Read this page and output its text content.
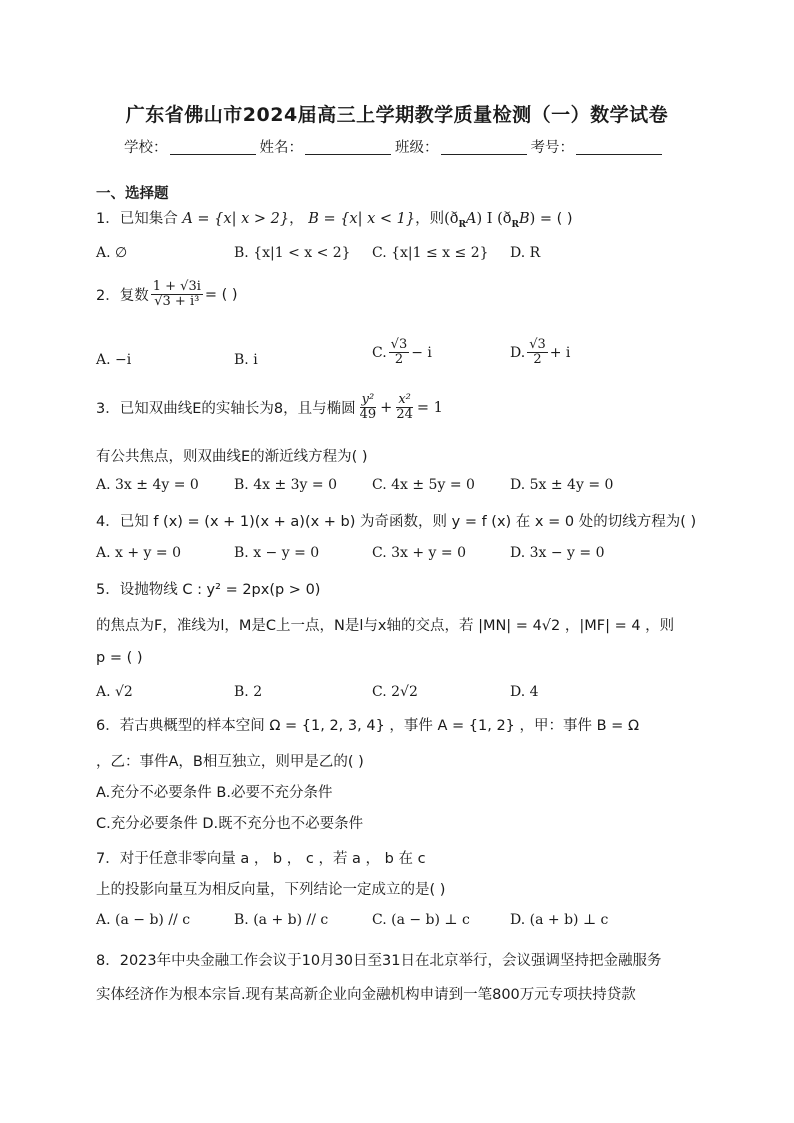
广东省佛山市2024届高三上学期教学质量检测（一）数学试卷
学校：	姓名：	班级：	考号：
一、选择题
1．已知集合 A = {x| x > 2}， B = {x| x < 1}，则$(ð_RA)$ I $(ð_RB)$ = ( )
A. ∅	B. {x|1 < x < 2} C. {x|1 ≤ x ≤ 2} D. R
2．复数 $\frac{1 + √3i}{\text{√3 + i³}}$ = ( )
A. −i	B. i	C. $\frac{√3}{2} - i$	D. $\frac{√3}{2} + i$
3．已知双曲线E的实轴长为8，且与椭圆 $\frac{\text{y²}}{49} + \frac{\text{x²}}{24} = 1$
有公共焦点，则双曲线E的渐近线方程为( )
A. 3x ± 4y = 0	B. 4x ± 3y = 0	C. 4x ± 5y = 0	D. 5x ± 4y = 0
4．已知 f (x) = (x + 1)(x + a)(x + b) 为奇函数，则 y = f (x) 在 x = 0 处的切线方程为( )
A. x + y = 0	B. x − y = 0	C. 3x + y = 0	D. 3x − y = 0
5．设抛物线 C : y² = 2px(p > 0)
的焦点为F，准线为l，M是C上一点，N是l与x轴的交点，若 |MN| = 4√2 ，|MF| = 4 ，则
p = ( )
A. √2	B. 2	C. 2√2	D. 4
6．若古典概型的样本空间 Ω = {1, 2, 3, 4} ，事件 A = {1, 2} ，甲：事件 B = Ω
，乙：事件A，B相互独立，则甲是乙的( )
A.充分不必要条件 B.必要不充分条件
C.充分必要条件 D.既不充分也不必要条件
7．对于任意非零向量 a ， b ， c ，若 a ， b 在 c
上的投影向量互为相反向量，下列结论一定成立的是( )
A. (a − b) // c	B. (a + b) // c	C. (a − b) ⊥ c	D. (a + b) ⊥ c
8．2023年中央金融工作会议于10月30日至31日在北京举行，会议强调坚持把金融服务
实体经济作为根本宗旨.现有某高新企业向金融机构申请到一笔800万元专项扶持贷款
